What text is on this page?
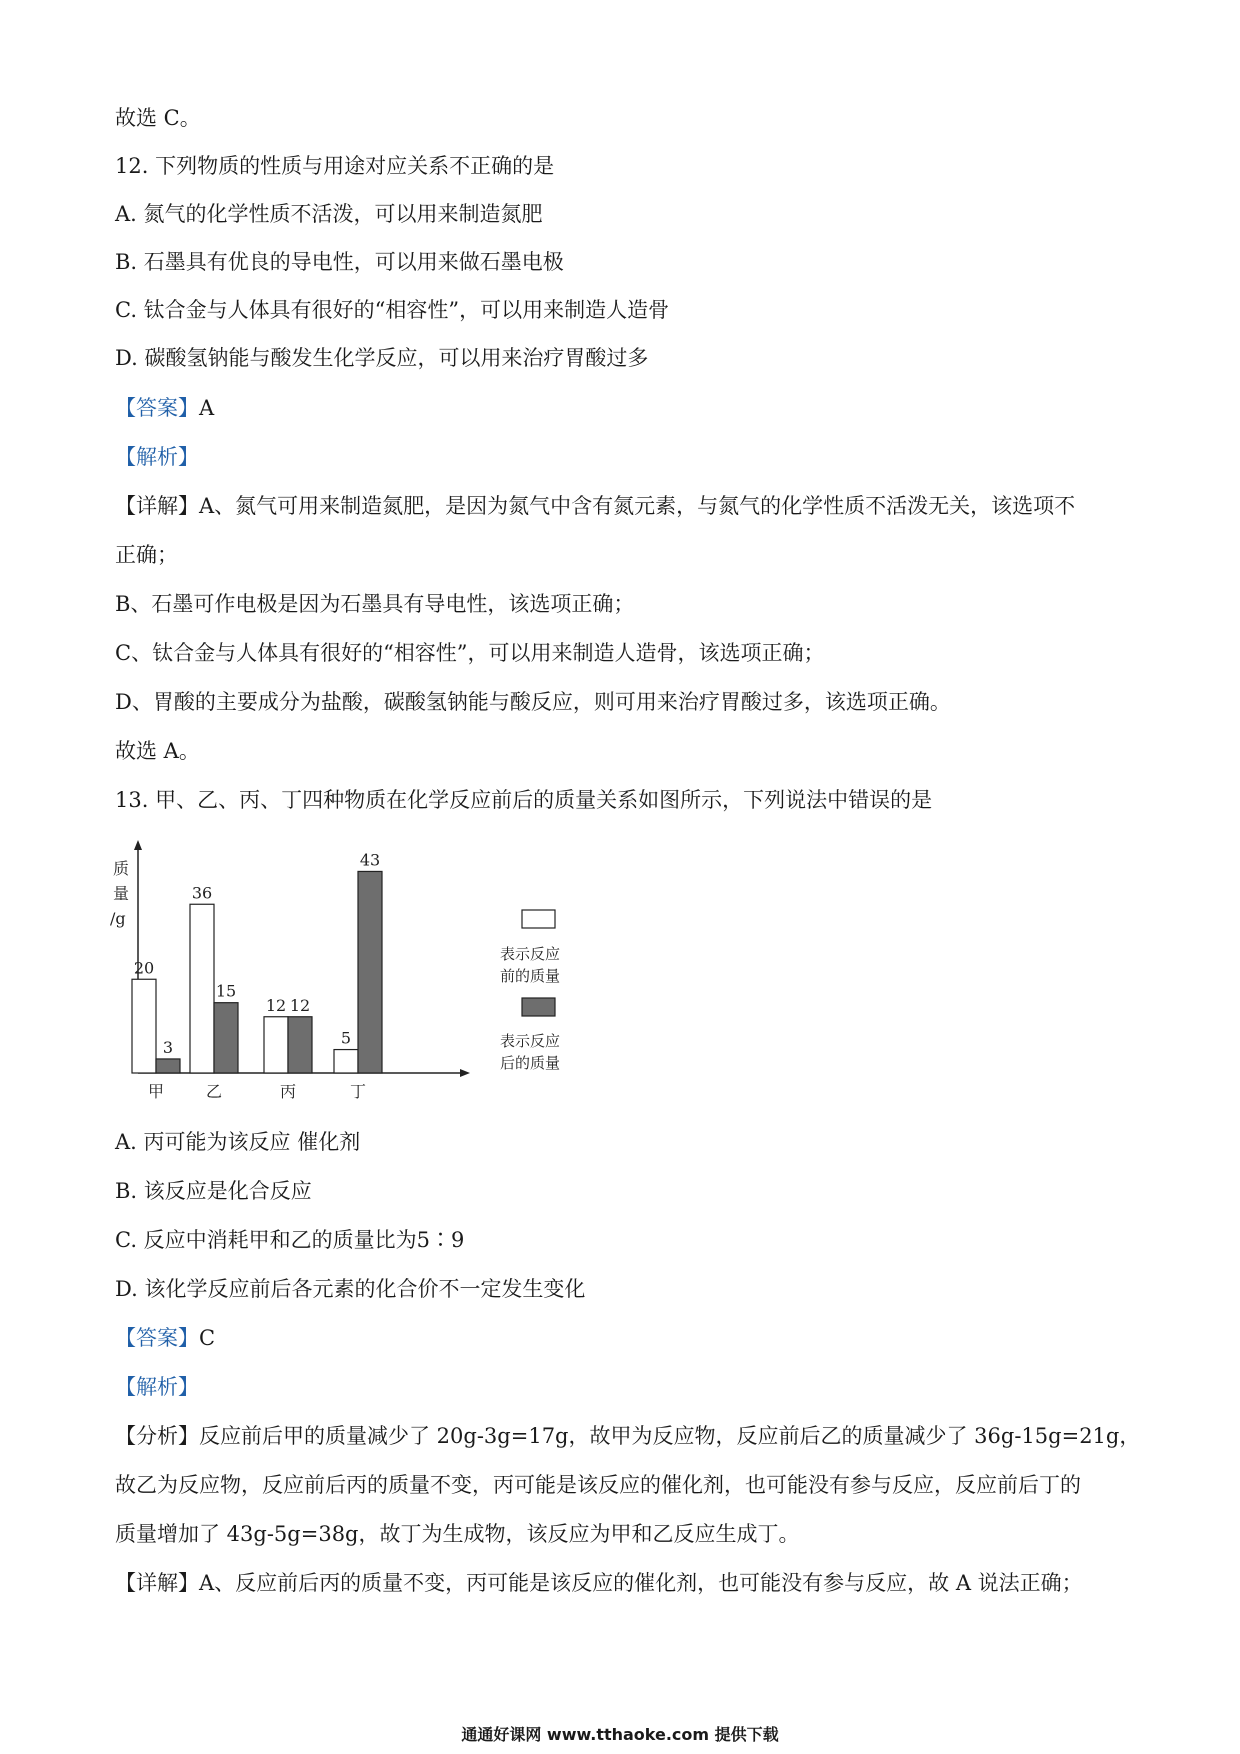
故选 C。
12. 下列物质的性质与用途对应关系不正确的是
A. 氮气的化学性质不活泼，可以用来制造氮肥
B. 石墨具有优良的导电性，可以用来做石墨电极
C. 钛合金与人体具有很好的“相容性”，可以用来制造人造骨
D. 碳酸氢钠能与酸发生化学反应，可以用来治疗胃酸过多
【答案】A
【解析】
【详解】A、氮气可用来制造氮肥，是因为氮气中含有氮元素，与氮气的化学性质不活泼无关，该选项不
正确；
B、石墨可作电极是因为石墨具有导电性，该选项正确；
C、钛合金与人体具有很好的“相容性”，可以用来制造人造骨，该选项正确；
D、胃酸的主要成分为盐酸，碳酸氢钠能与酸反应，则可用来治疗胃酸过多，该选项正确。
故选 A。
13. 甲、乙、丙、丁四种物质在化学反应前后的质量关系如图所示，下列说法中错误的是
质
量
/g
20
3
甲
36
15
乙
12 12
丙
5
43
丁
表示反应
前的质量
表示反应
后的质量
A. 丙可能为该反应 催化剂
B. 该反应是化合反应
C. 反应中消耗甲和乙的质量比为5∶9
D. 该化学反应前后各元素的化合价不一定发生变化
【答案】C
【解析】
【分析】反应前后甲的质量减少了 20g-3g=17g，故甲为反应物，反应前后乙的质量减少了 36g-15g=21g，
故乙为反应物，反应前后丙的质量不变，丙可能是该反应的催化剂，也可能没有参与反应，反应前后丁的
质量增加了 43g-5g=38g，故丁为生成物，该反应为甲和乙反应生成丁。
【详解】A、反应前后丙的质量不变，丙可能是该反应的催化剂，也可能没有参与反应，故 A 说法正确；
通通好课网 www.tthaoke.com 提供下载
